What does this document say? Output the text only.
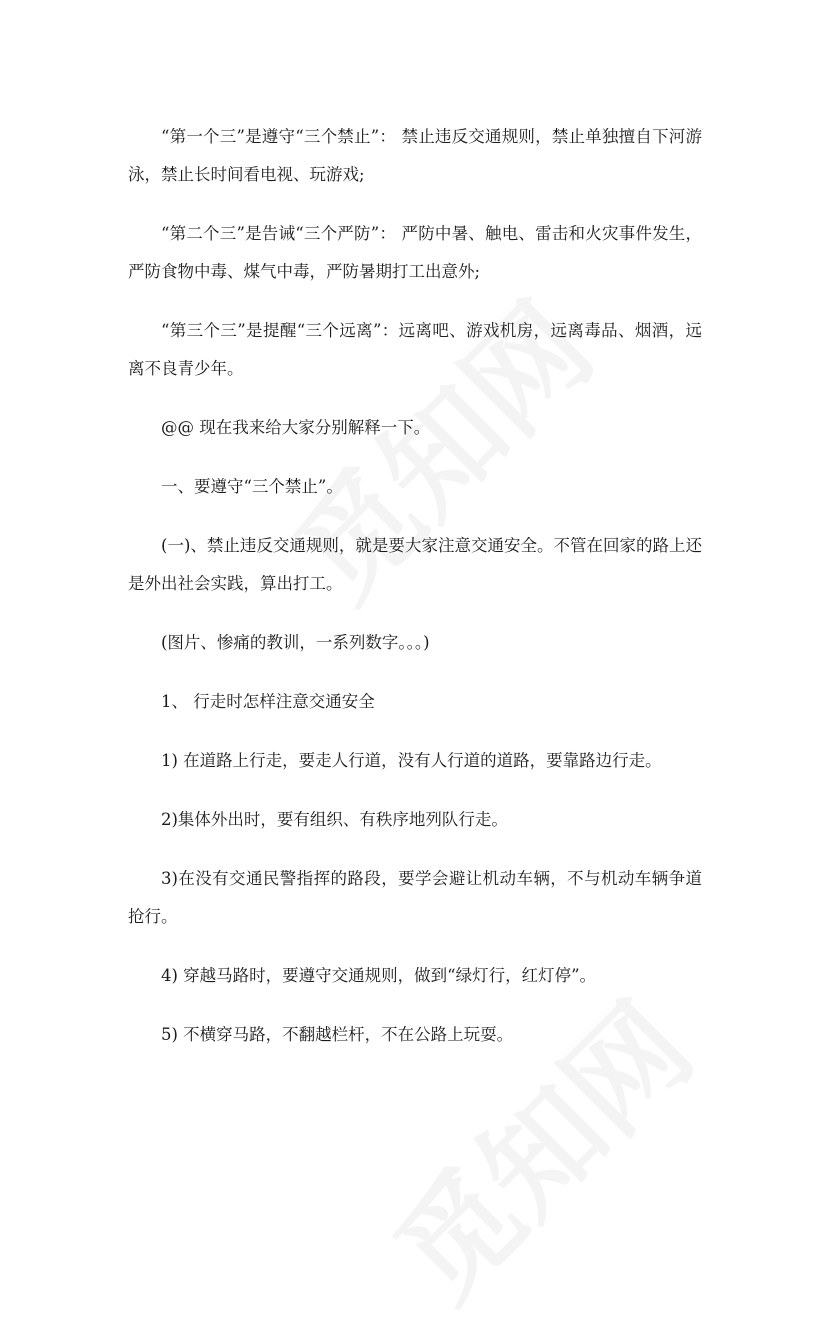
“第一个三”是遵守“三个禁止”： 禁止违反交通规则，禁止单独擅自下河游泳，禁止长时间看电视、玩游戏;

“第二个三”是告诫“三个严防”： 严防中暑、触电、雷击和火灾事件发生，严防食物中毒、煤气中毒，严防暑期打工出意外;

“第三个三”是提醒“三个远离”：远离吧、游戏机房，远离毒品、烟酒，远离不良青少年。

@@ 现在我来给大家分别解释一下。

一、要遵守“三个禁止”。

(一)、禁止违反交通规则，就是要大家注意交通安全。不管在回家的路上还是外出社会实践，算出打工。

(图片、惨痛的教训，一系列数字。。。)

1、 行走时怎样注意交通安全

1) 在道路上行走，要走人行道，没有人行道的道路，要靠路边行走。

2)集体外出时，要有组织、有秩序地列队行走。

3)在没有交通民警指挥的路段，要学会避让机动车辆，不与机动车辆争道抢行。

4) 穿越马路时，要遵守交通规则，做到“绿灯行，红灯停”。

5) 不横穿马路，不翻越栏杆，不在公路上玩耍。
